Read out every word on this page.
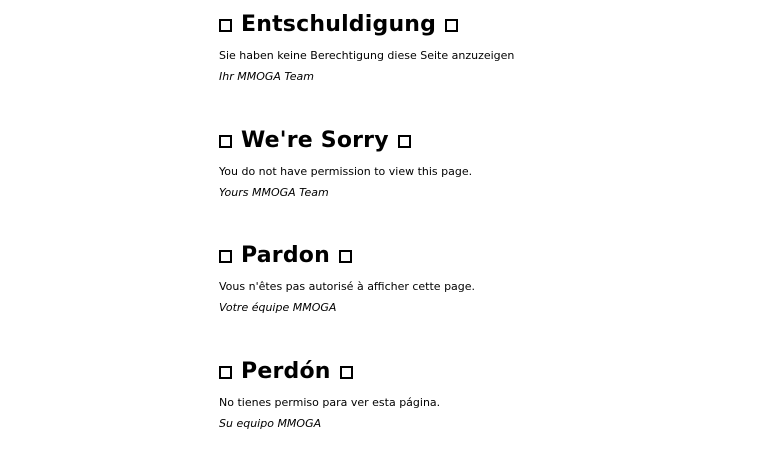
Entschuldigung

Sie haben keine Berechtigung diese Seite anzuzeigen

Ihr MMOGA Team

We're Sorry

You do not have permission to view this page.

Yours MMOGA Team

Pardon

Vous n'êtes pas autorisé à afficher cette page.

Votre équipe MMOGA

Perdón

No tienes permiso para ver esta página.

Su equipo MMOGA
